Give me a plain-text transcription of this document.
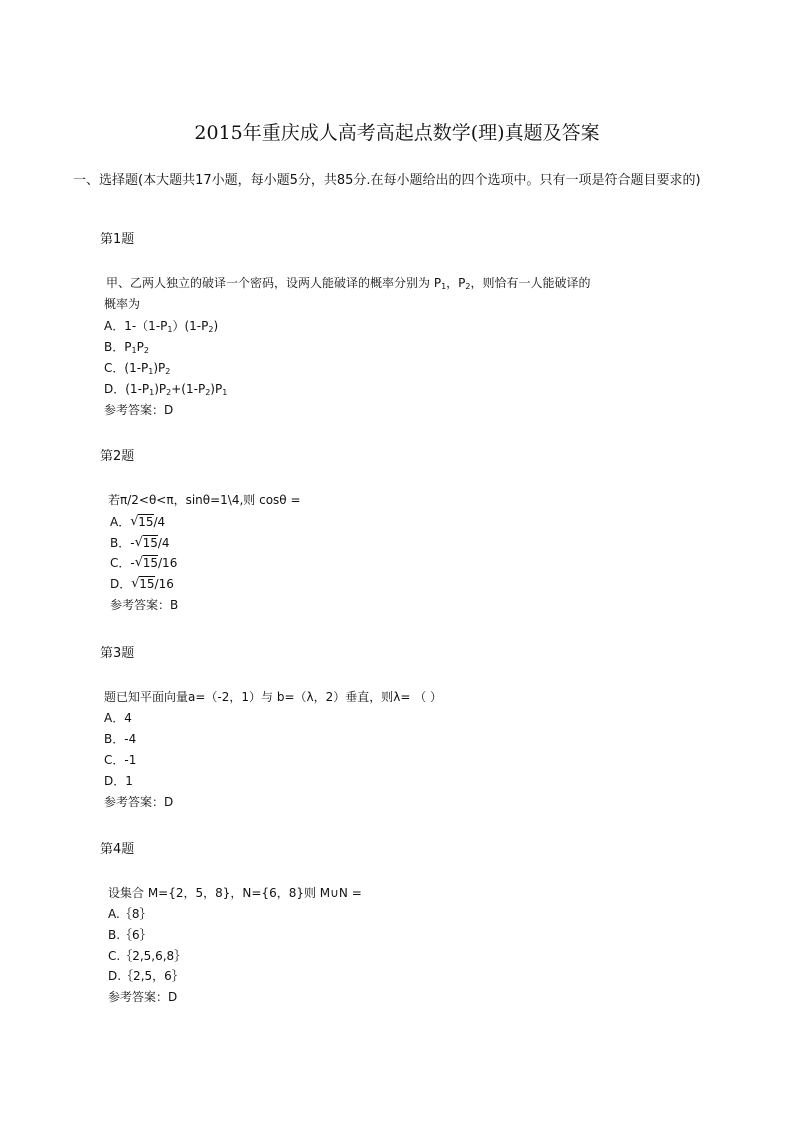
2015年重庆成人高考高起点数学(理)真题及答案
一、选择题(本大题共17小题，每小题5分，共85分.在每小题给出的四个选项中。只有一项是符合题目要求的)
第1题
甲、乙两人独立的破译一个密码，设两人能破译的概率分别为 $P_1$，$P_2$，则恰有一人能破译的
概率为
A．$1-(1-P_1)(1-P_2)$
B．$P_1P_2$
C．$(1-P_1)P_2$
D．$(1-P_1)P_2+(1-P_2)P_1$
参考答案：D
第2题
若π/2<θ<π，sinθ=1\4,则 cosθ =
A． √ 15/4
B．- √ 15/4
C．- √ 15/16
D． √ 15/16
参考答案：B
第3题
题已知平面向量a=（-2，1）与 b=（λ，2）垂直，则λ= （ ）
A．4
B．-4
C．-1
D．1
参考答案：D
第4题
设集合 M={2，5，8}，N={6，8}则 M∪N =
A.｛8｝
B.｛6｝
C.｛2,5,6,8｝
D.｛2,5，6｝
参考答案：D
